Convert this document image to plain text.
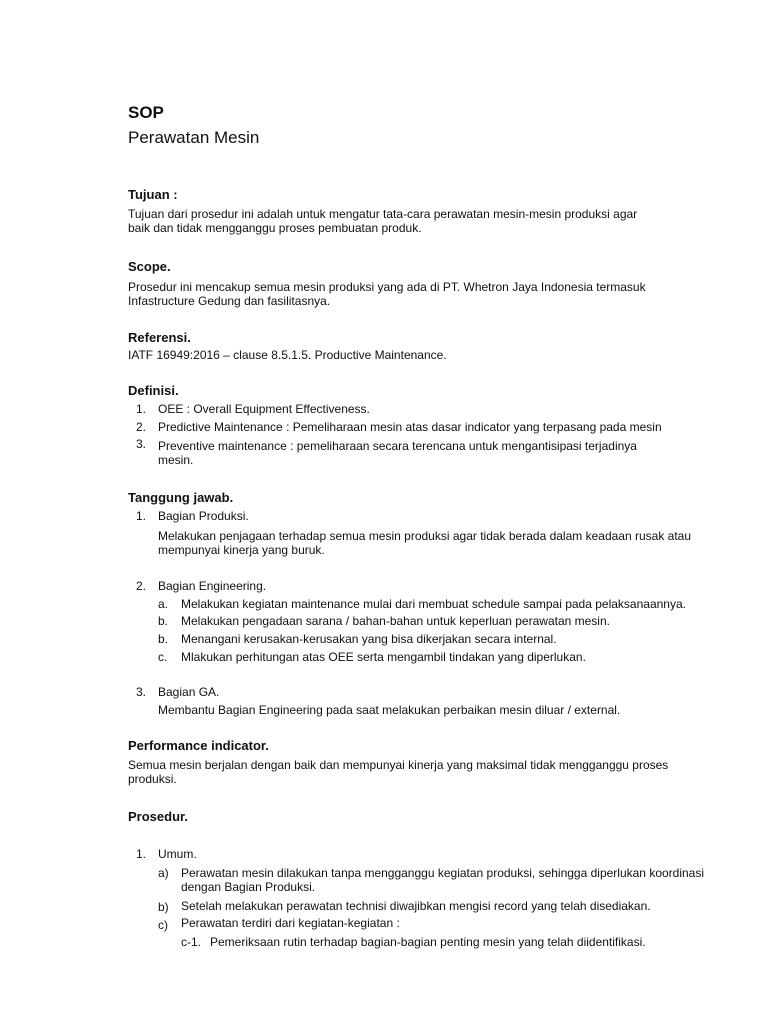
SOP
Perawatan Mesin
Tujuan :
Tujuan dari prosedur ini adalah untuk mengatur tata-cara perawatan mesin-mesin produksi agar
baik dan tidak mengganggu proses pembuatan produk.
Scope.
Prosedur ini mencakup semua mesin produksi yang ada di PT. Whetron Jaya Indonesia termasuk
Infastructure Gedung dan fasilitasnya.
Referensi.
IATF 16949:2016 – clause 8.5.1.5. Productive Maintenance.
Definisi.
1. OEE : Overall Equipment Effectiveness.
2. Predictive Maintenance : Pemeliharaan mesin atas dasar indicator yang terpasang pada mesin
3. Preventive maintenance : pemeliharaan secara terencana untuk mengantisipasi terjadinya
mesin.
Tanggung jawab.
1. Bagian Produksi.
Melakukan penjagaan terhadap semua mesin produksi agar tidak berada dalam keadaan rusak atau
mempunyai kinerja yang buruk.
2. Bagian Engineering.
a. Melakukan kegiatan maintenance mulai dari membuat schedule sampai pada pelaksanaannya.
b. Melakukan pengadaan sarana / bahan-bahan untuk keperluan perawatan mesin.
b. Menangani kerusakan-kerusakan yang bisa dikerjakan secara internal.
c. Mlakukan perhitungan atas OEE serta mengambil tindakan yang diperlukan.
3. Bagian GA.
Membantu Bagian Engineering pada saat melakukan perbaikan mesin diluar / external.
Performance indicator.
Semua mesin berjalan dengan baik dan mempunyai kinerja yang maksimal tidak mengganggu proses
produksi.
Prosedur.
1. Umum.
a) Perawatan mesin dilakukan tanpa mengganggu kegiatan produksi, sehingga diperlukan koordinasi
dengan Bagian Produksi.
b) Setelah melakukan perawatan technisi diwajibkan mengisi record yang telah disediakan.
c) Perawatan terdiri dari kegiatan-kegiatan :
c-1. Pemeriksaan rutin terhadap bagian-bagian penting mesin yang telah diidentifikasi.
